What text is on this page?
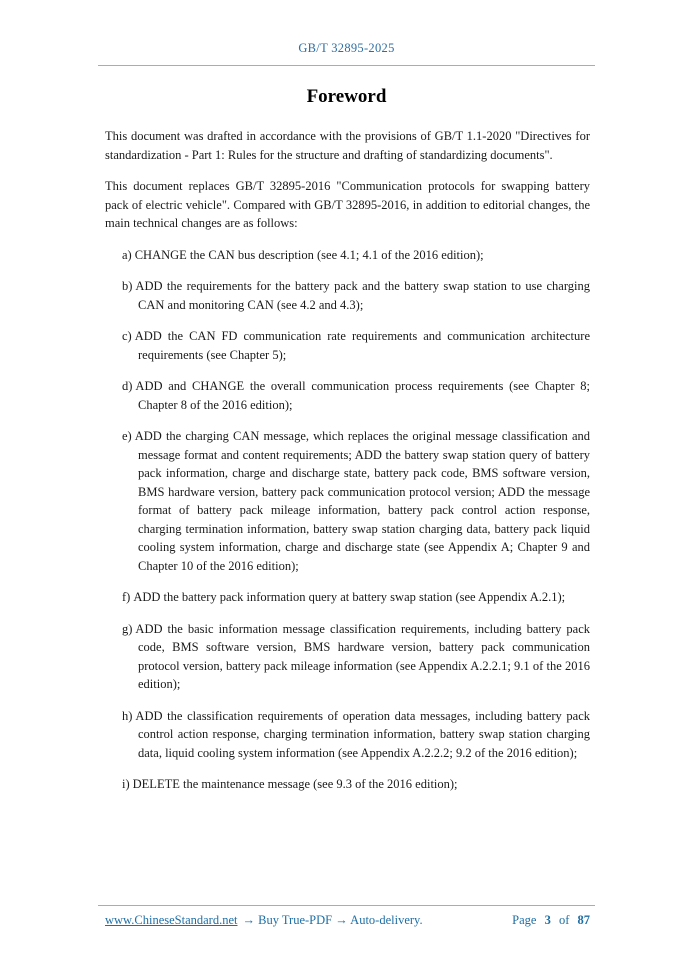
GB/T 32895-2025
Foreword

This document was drafted in accordance with the provisions of GB/T 1.1-2020 "Directives for standardization - Part 1: Rules for the structure and drafting of standardizing documents".

This document replaces GB/T 32895-2016 "Communication protocols for swapping battery pack of electric vehicle". Compared with GB/T 32895-2016, in addition to editorial changes, the main technical changes are as follows:

a) CHANGE the CAN bus description (see 4.1; 4.1 of the 2016 edition);
b) ADD the requirements for the battery pack and the battery swap station to use charging CAN and monitoring CAN (see 4.2 and 4.3);
c) ADD the CAN FD communication rate requirements and communication architecture requirements (see Chapter 5);
d) ADD and CHANGE the overall communication process requirements (see Chapter 8; Chapter 8 of the 2016 edition);
e) ADD the charging CAN message, which replaces the original message classification and message format and content requirements; ADD the battery swap station query of battery pack information, charge and discharge state, battery pack code, BMS software version, BMS hardware version, battery pack communication protocol version; ADD the message format of battery pack mileage information, battery pack control action response, charging termination information, battery swap station charging data, battery pack liquid cooling system information, charge and discharge state (see Appendix A; Chapter 9 and Chapter 10 of the 2016 edition);
f) ADD the battery pack information query at battery swap station (see Appendix A.2.1);
g) ADD the basic information message classification requirements, including battery pack code, BMS software version, BMS hardware version, battery pack communication protocol version, battery pack mileage information (see Appendix A.2.2.1; 9.1 of the 2016 edition);
h) ADD the classification requirements of operation data messages, including battery pack control action response, charging termination information, battery swap station charging data, liquid cooling system information (see Appendix A.2.2.2; 9.2 of the 2016 edition);
i) DELETE the maintenance message (see 9.3 of the 2016 edition);
www.ChineseStandard.net → Buy True-PDF → Auto-delivery.	Page 3 of 87
